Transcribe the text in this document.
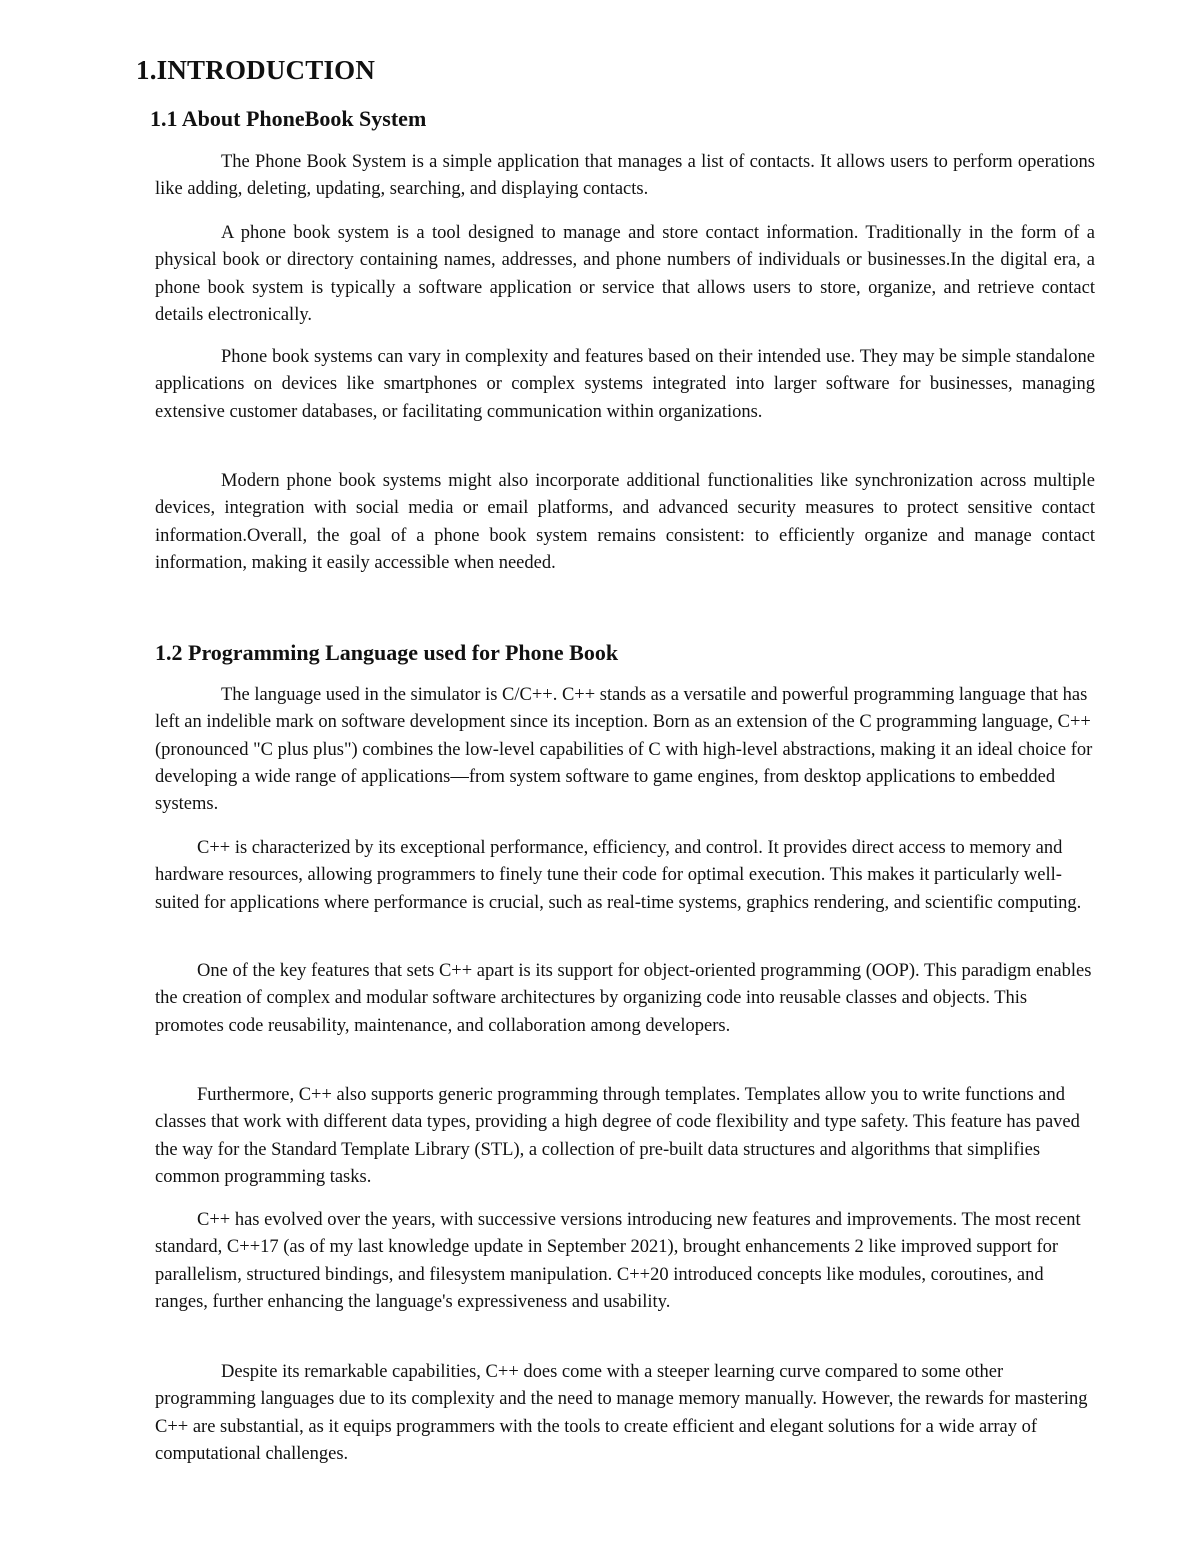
1.INTRODUCTION
1.1 About PhoneBook System

The Phone Book System is a simple application that manages a list of contacts. It allows users to perform operations like adding, deleting, updating, searching, and displaying contacts.

A phone book system is a tool designed to manage and store contact information. Traditionally in the form of a physical book or directory containing names, addresses, and phone numbers of individuals or businesses.In the digital era, a phone book system is typically a software application or service that allows users to store, organize, and retrieve contact details electronically.

Phone book systems can vary in complexity and features based on their intended use. They may be simple standalone applications on devices like smartphones or complex systems integrated into larger software for businesses, managing extensive customer databases, or facilitating communication within organizations.

Modern phone book systems might also incorporate additional functionalities like synchronization across multiple devices, integration with social media or email platforms, and advanced security measures to protect sensitive contact information.Overall, the goal of a phone book system remains consistent: to efficiently organize and manage contact information, making it easily accessible when needed.

1.2 Programming Language used for Phone Book

The language used in the simulator is C/C++. C++ stands as a versatile and powerful programming language that has left an indelible mark on software development since its inception. Born as an extension of the C programming language, C++ (pronounced "C plus plus") combines the low-level capabilities of C with high-level abstractions, making it an ideal choice for developing a wide range of applications—from system software to game engines, from desktop applications to embedded systems.

C++ is characterized by its exceptional performance, efficiency, and control. It provides direct access to memory and hardware resources, allowing programmers to finely tune their code for optimal execution. This makes it particularly well-suited for applications where performance is crucial, such as real-time systems, graphics rendering, and scientific computing.

One of the key features that sets C++ apart is its support for object-oriented programming (OOP). This paradigm enables the creation of complex and modular software architectures by organizing code into reusable classes and objects. This promotes code reusability, maintenance, and collaboration among developers.

Furthermore, C++ also supports generic programming through templates. Templates allow you to write functions and classes that work with different data types, providing a high degree of code flexibility and type safety. This feature has paved the way for the Standard Template Library (STL), a collection of pre-built data structures and algorithms that simplifies common programming tasks.

C++ has evolved over the years, with successive versions introducing new features and improvements. The most recent standard, C++17 (as of my last knowledge update in September 2021), brought enhancements 2 like improved support for parallelism, structured bindings, and filesystem manipulation. C++20 introduced concepts like modules, coroutines, and ranges, further enhancing the language's expressiveness and usability.

Despite its remarkable capabilities, C++ does come with a steeper learning curve compared to some other programming languages due to its complexity and the need to manage memory manually. However, the rewards for mastering C++ are substantial, as it equips programmers with the tools to create efficient and elegant solutions for a wide array of computational challenges.
